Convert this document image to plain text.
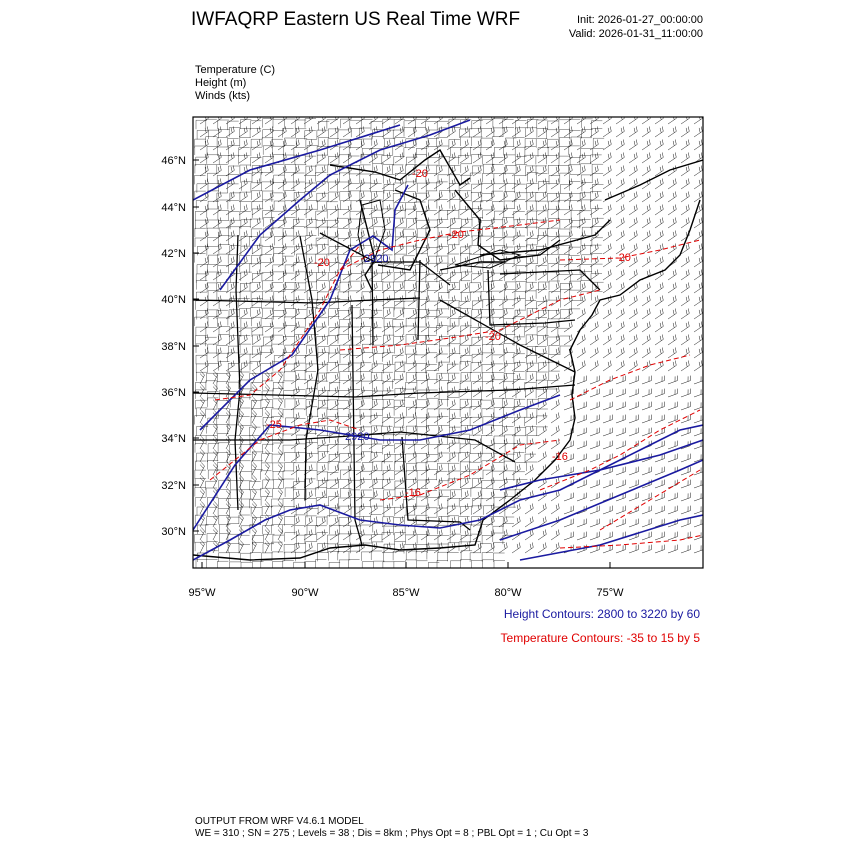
IWFAQRP Eastern US Real Time WRF	Init: 2026-01-27_00:00:00
Valid: 2026-01-31_11:00:00
Temperature (C)
Height (m)
Winds (kts)
2920
2920
-20
-20
-20
-20
-25
-16
-16
-20
46°N
44°N
42°N
40°N
38°N
36°N
34°N
32°N
30°N
95°W	90°W	85°W	80°W	75°W
Height Contours: 2800 to 3220 by 60
Temperature Contours: -35 to 15 by 5
OUTPUT FROM WRF V4.6.1 MODEL
WE = 310 ; SN = 275 ; Levels = 38 ; Dis = 8km ; Phys Opt = 8 ; PBL Opt = 1 ; Cu Opt = 3
